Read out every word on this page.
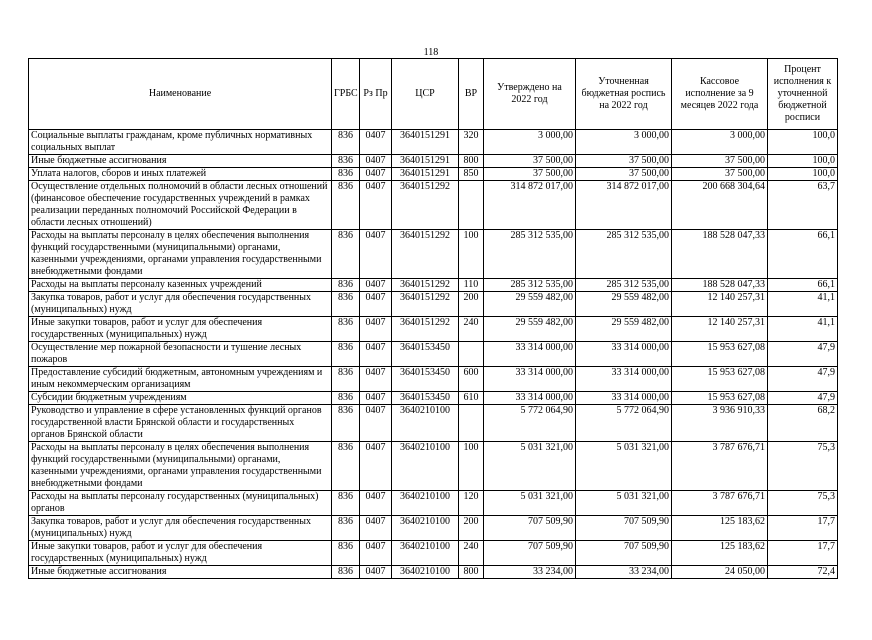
118
Наименование	ГРБС	Рз Пр	ЦСР	ВР	Утверждено на 2022 год	Уточненная бюджетная роспись на 2022 год	Кассовое исполнение за 9 месяцев 2022 года	Процент исполнения к уточненной бюджетной росписи
Социальные выплаты гражданам, кроме публичных нормативных социальных выплат	836	0407	3640151291	320	3 000,00	3 000,00	3 000,00	100,0
Иные бюджетные ассигнования	836	0407	3640151291	800	37 500,00	37 500,00	37 500,00	100,0
Уплата налогов, сборов и иных платежей	836	0407	3640151291	850	37 500,00	37 500,00	37 500,00	100,0
Осуществление отдельных полномочий в области лесных отношений (финансовое обеспечение государственных учреждений в рамках реализации переданных полномочий Российской Федерации в области лесных отношений)	836	0407	3640151292		314 872 017,00	314 872 017,00	200 668 304,64	63,7
Расходы на выплаты персоналу в целях обеспечения выполнения функций государственными (муниципальными) органами, казенными учреждениями, органами управления государственными внебюджетными фондами	836	0407	3640151292	100	285 312 535,00	285 312 535,00	188 528 047,33	66,1
Расходы на выплаты персоналу казенных учреждений	836	0407	3640151292	110	285 312 535,00	285 312 535,00	188 528 047,33	66,1
Закупка товаров, работ и услуг для обеспечения государственных (муниципальных) нужд	836	0407	3640151292	200	29 559 482,00	29 559 482,00	12 140 257,31	41,1
Иные закупки товаров, работ и услуг для обеспечения государственных (муниципальных) нужд	836	0407	3640151292	240	29 559 482,00	29 559 482,00	12 140 257,31	41,1
Осуществление мер пожарной безопасности и тушение лесных пожаров	836	0407	3640153450		33 314 000,00	33 314 000,00	15 953 627,08	47,9
Предоставление субсидий бюджетным, автономным учреждениям и иным некоммерческим организациям	836	0407	3640153450	600	33 314 000,00	33 314 000,00	15 953 627,08	47,9
Субсидии бюджетным учреждениям	836	0407	3640153450	610	33 314 000,00	33 314 000,00	15 953 627,08	47,9
Руководство и управление в сфере установленных функций органов государственной власти Брянской области и государственных органов Брянской области	836	0407	3640210100		5 772 064,90	5 772 064,90	3 936 910,33	68,2
Расходы на выплаты персоналу в целях обеспечения выполнения функций государственными (муниципальными) органами, казенными учреждениями, органами управления государственными внебюджетными фондами	836	0407	3640210100	100	5 031 321,00	5 031 321,00	3 787 676,71	75,3
Расходы на выплаты персоналу государственных (муниципальных) органов	836	0407	3640210100	120	5 031 321,00	5 031 321,00	3 787 676,71	75,3
Закупка товаров, работ и услуг для обеспечения государственных (муниципальных) нужд	836	0407	3640210100	200	707 509,90	707 509,90	125 183,62	17,7
Иные закупки товаров, работ и услуг для обеспечения государственных (муниципальных) нужд	836	0407	3640210100	240	707 509,90	707 509,90	125 183,62	17,7
Иные бюджетные ассигнования	836	0407	3640210100	800	33 234,00	33 234,00	24 050,00	72,4
